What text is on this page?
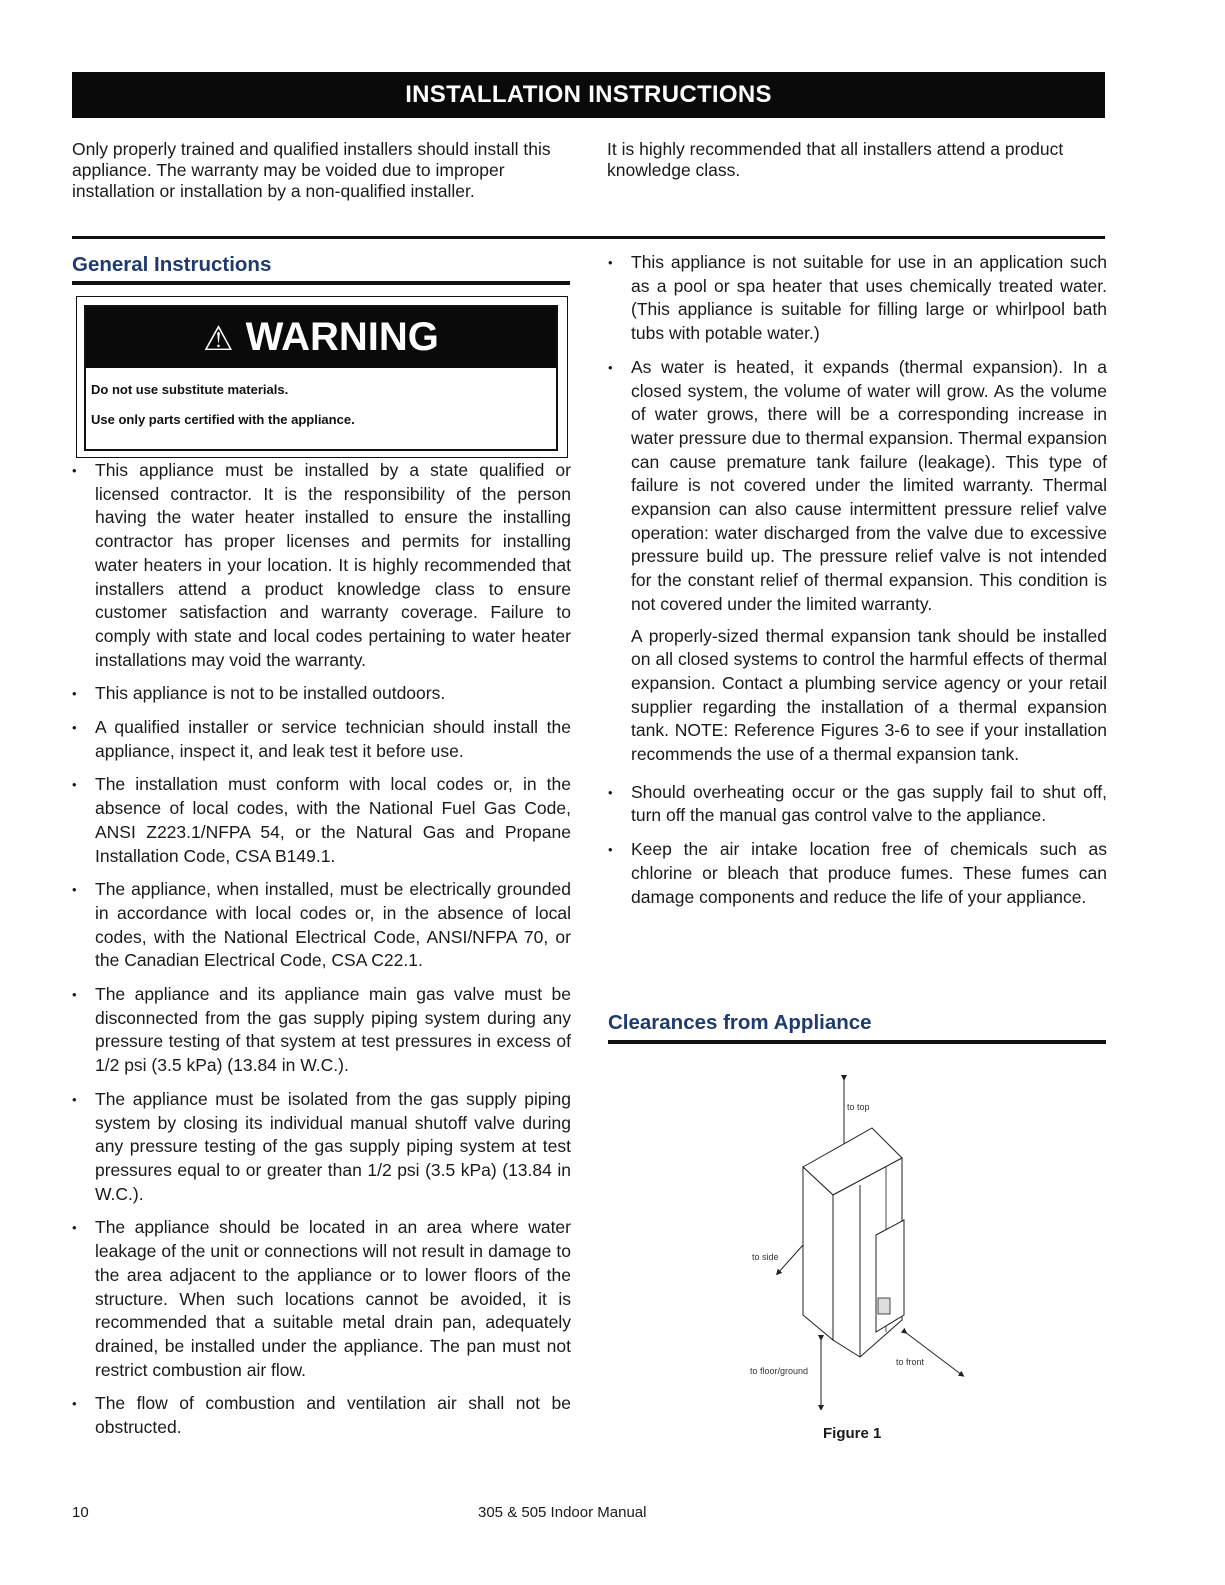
INSTALLATION INSTRUCTIONS
Only properly trained and qualified installers should install this appliance. The warranty may be voided due to improper installation or installation by a non-qualified installer.
It is highly recommended that all installers attend a product knowledge class.
General Instructions
⚠ WARNING
Do not use substitute materials.
Use only parts certified with the appliance.
• This appliance must be installed by a state qualified or licensed contractor. It is the responsibility of the person having the water heater installed to ensure the installing contractor has proper licenses and permits for installing water heaters in your location. It is highly recommended that installers attend a product knowledge class to ensure customer satisfaction and warranty coverage. Failure to comply with state and local codes pertaining to water heater installations may void the warranty.
• This appliance is not to be installed outdoors.
• A qualified installer or service technician should install the appliance, inspect it, and leak test it before use.
• The installation must conform with local codes or, in the absence of local codes, with the National Fuel Gas Code, ANSI Z223.1/NFPA 54, or the Natural Gas and Propane Installation Code, CSA B149.1.
• The appliance, when installed, must be electrically grounded in accordance with local codes or, in the absence of local codes, with the National Electrical Code, ANSI/NFPA 70, or the Canadian Electrical Code, CSA C22.1.
• The appliance and its appliance main gas valve must be disconnected from the gas supply piping system during any pressure testing of that system at test pressures in excess of 1/2 psi (3.5 kPa) (13.84 in W.C.).
• The appliance must be isolated from the gas supply piping system by closing its individual manual shutoff valve during any pressure testing of the gas supply piping system at test pressures equal to or greater than 1/2 psi (3.5 kPa) (13.84 in W.C.).
• The appliance should be located in an area where water leakage of the unit or connections will not result in damage to the area adjacent to the appliance or to lower floors of the structure. When such locations cannot be avoided, it is recommended that a suitable metal drain pan, adequately drained, be installed under the appliance. The pan must not restrict combustion air flow.
• The flow of combustion and ventilation air shall not be obstructed.
• This appliance is not suitable for use in an application such as a pool or spa heater that uses chemically treated water. (This appliance is suitable for filling large or whirlpool bath tubs with potable water.)
• As water is heated, it expands (thermal expansion). In a closed system, the volume of water will grow. As the volume of water grows, there will be a corresponding increase in water pressure due to thermal expansion. Thermal expansion can cause premature tank failure (leakage). This type of failure is not covered under the limited warranty. Thermal expansion can also cause intermittent pressure relief valve operation: water discharged from the valve due to excessive pressure build up. The pressure relief valve is not intended for the constant relief of thermal expansion. This condition is not covered under the limited warranty.
A properly-sized thermal expansion tank should be installed on all closed systems to control the harmful effects of thermal expansion. Contact a plumbing service agency or your retail supplier regarding the installation of a thermal expansion tank. NOTE: Reference Figures 3-6 to see if your installation recommends the use of a thermal expansion tank.
• Should overheating occur or the gas supply fail to shut off, turn off the manual gas control valve to the appliance.
• Keep the air intake location free of chemicals such as chlorine or bleach that produce fumes. These fumes can damage components and reduce the life of your appliance.
Clearances from Appliance
to top
to side
to floor/ground
to front
Figure 1
10	305 & 505 Indoor Manual
